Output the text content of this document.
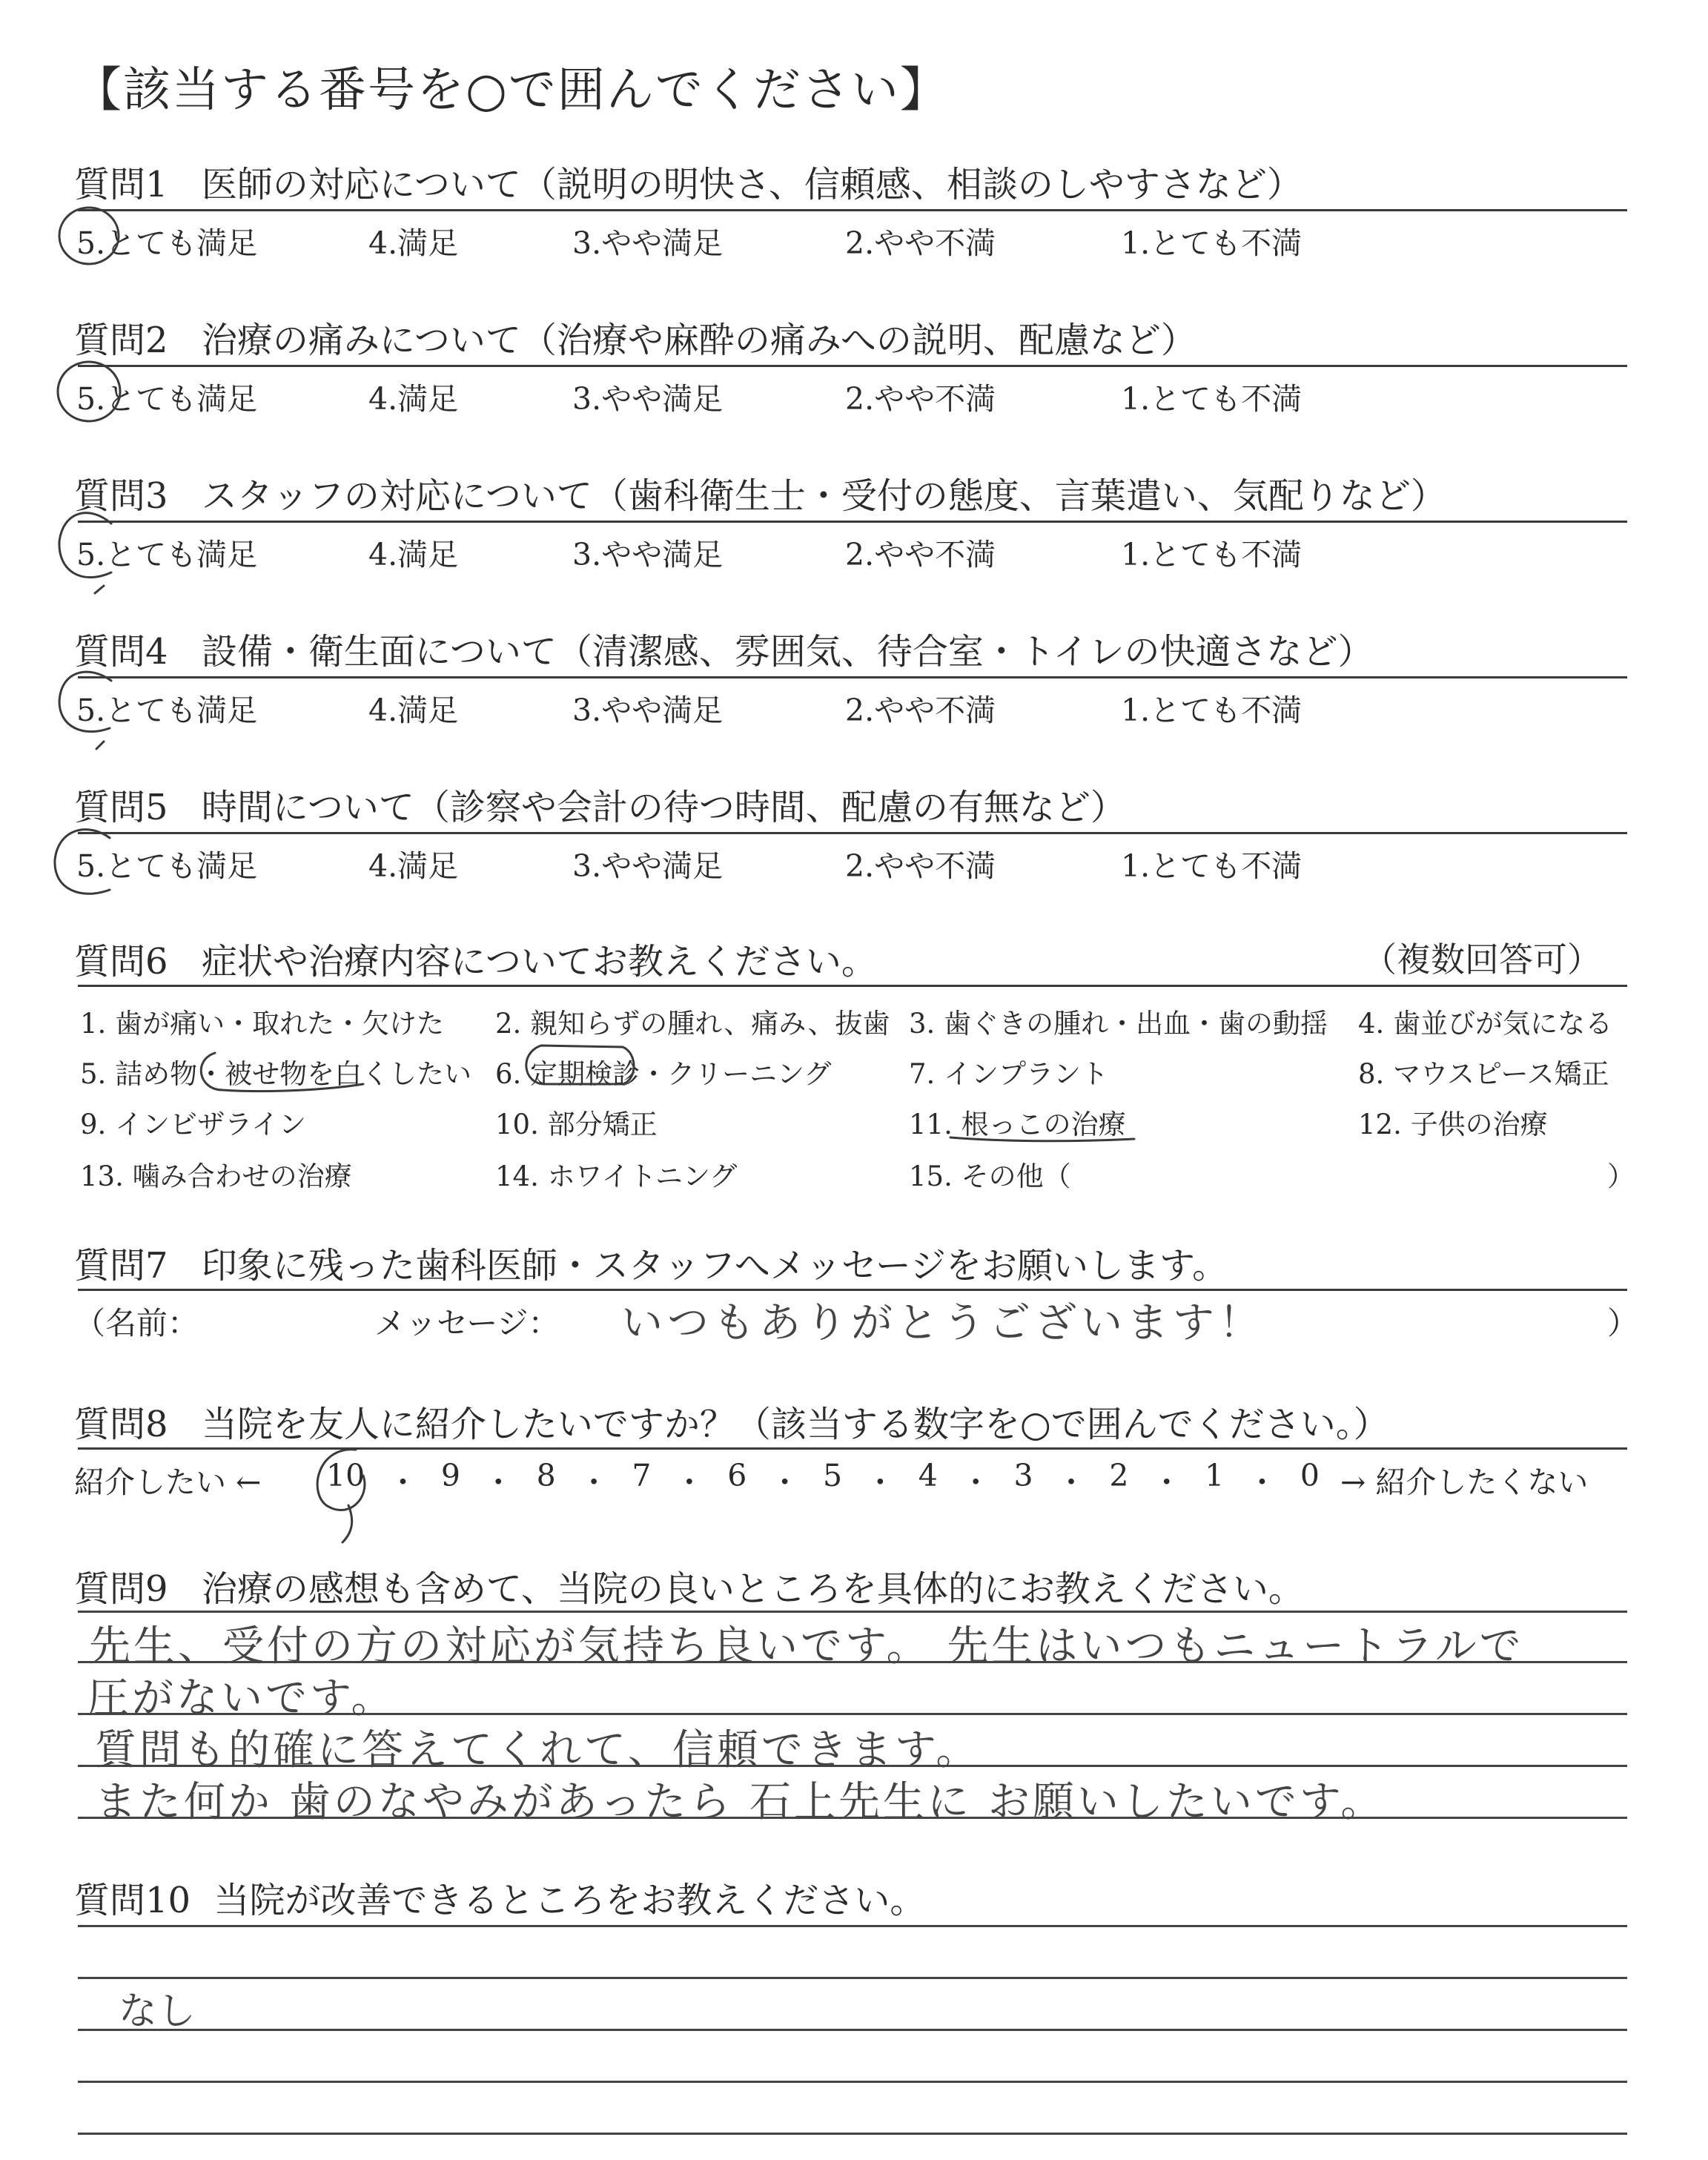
【該当する番号を○で囲んでください】
質問1 医師の対応について（説明の明快さ、信頼感、相談のしやすさなど）
5.とても満足	4.満足	3.やや満足	2.やや不満	1.とても不満
質問2 治療の痛みについて（治療や麻酔の痛みへの説明、配慮など）
5.とても満足	4.満足	3.やや満足	2.やや不満	1.とても不満
質問3 スタッフの対応について（歯科衛生士・受付の態度、言葉遣い、気配りなど）
5.とても満足	4.満足	3.やや満足	2.やや不満	1.とても不満
質問4 設備・衛生面について（清潔感、雰囲気、待合室・トイレの快適さなど）
5.とても満足	4.満足	3.やや満足	2.やや不満	1.とても不満
質問5 時間について（診察や会計の待つ時間、配慮の有無など）
5.とても満足	4.満足	3.やや満足	2.やや不満	1.とても不満
質問6 症状や治療内容についてお教えください。	（複数回答可）
1. 歯が痛い・取れた・欠けた 2. 親知らずの腫れ、痛み、抜歯 3. 歯ぐきの腫れ・出血・歯の動揺 4. 歯並びが気になる
5. 詰め物・被せ物を白くしたい 6. 定期検診・クリーニング	7. インプラント	8. マウスピース矯正
9. インビザライン	10. 部分矯正	11. 根っこの治療	12. 子供の治療
13. 噛み合わせの治療	14. ホワイトニング	15. その他（	）
質問7 印象に残った歯科医師・スタッフへメッセージをお願いします。
（名前：	メッセージ： いつもありがとうございます！	）
質問8 当院を友人に紹介したいですか？（該当する数字を○で囲んでください。）
紹介したい ← 10 ・ 9 ・ 8 ・ 7 ・ 6 ・ 5 ・ 4 ・ 3 ・ 2 ・ 1 ・ 0 → 紹介したくない
質問9 治療の感想も含めて、当院の良いところを具体的にお教えください。
先生、受付の方の対応が気持ち良いです。 先生はいつもニュートラルで
圧がないです。
質問も的確に答えてくれて、信頼できます。
また何か 歯のなやみがあったら 石上先生に お願いしたいです。
質問10 当院が改善できるところをお教えください。
なし
